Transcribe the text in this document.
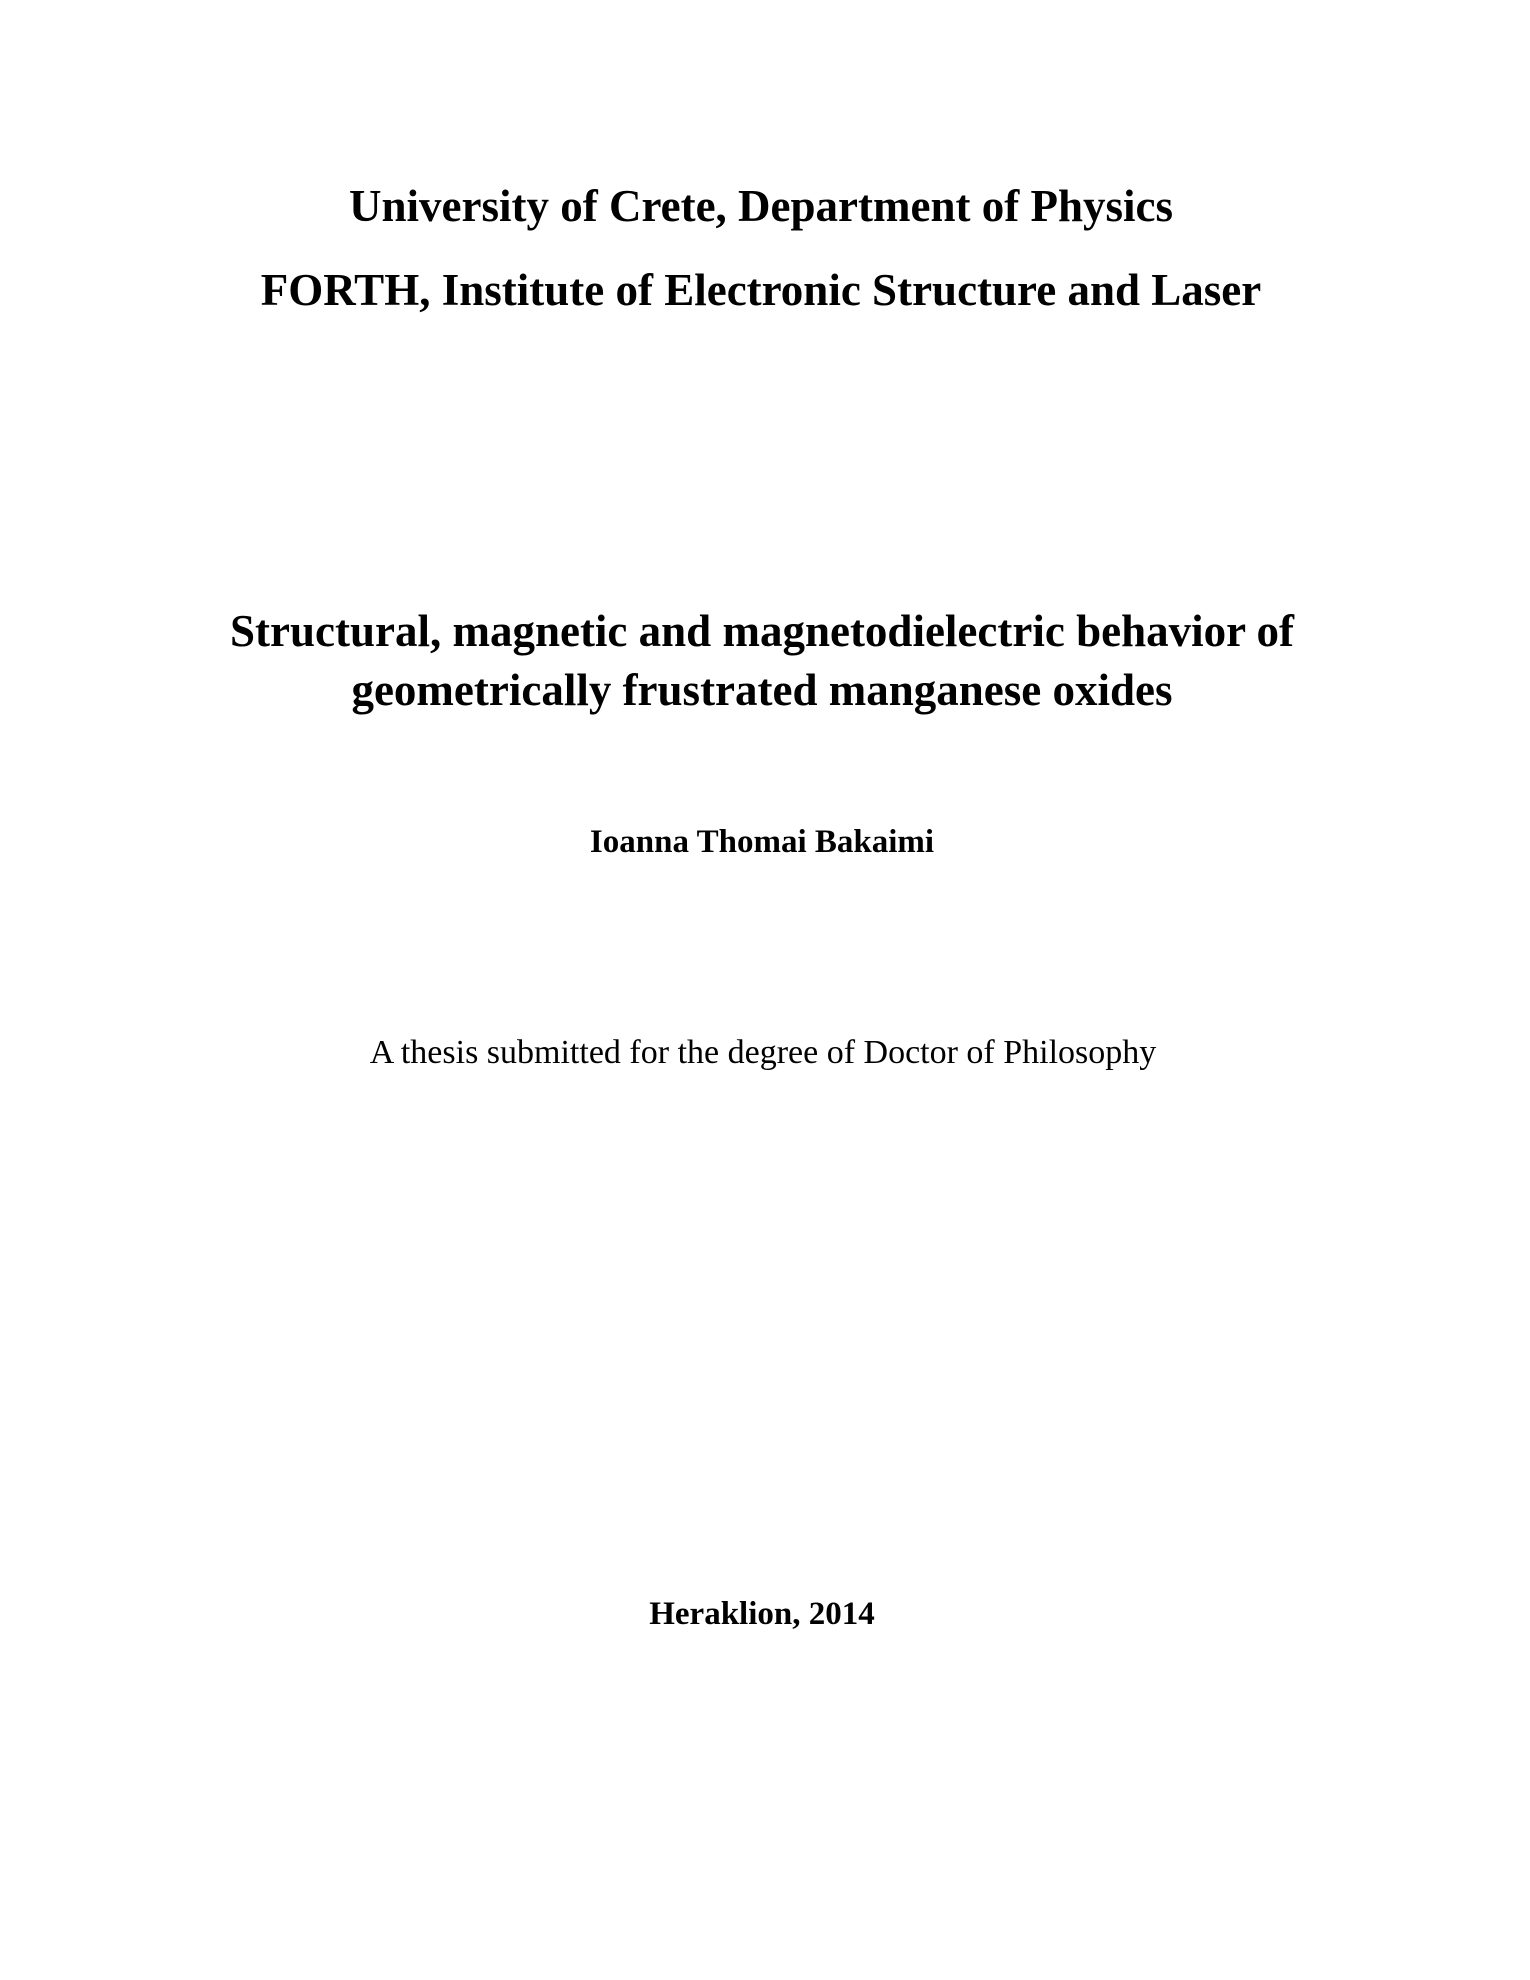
University of Crete, Department of Physics
FORTH, Institute of Electronic Structure and Laser
Structural, magnetic and magnetodielectric behavior of
geometrically frustrated manganese oxides
Ioanna Thomai Bakaimi
A thesis submitted for the degree of Doctor of Philosophy
Heraklion, 2014
